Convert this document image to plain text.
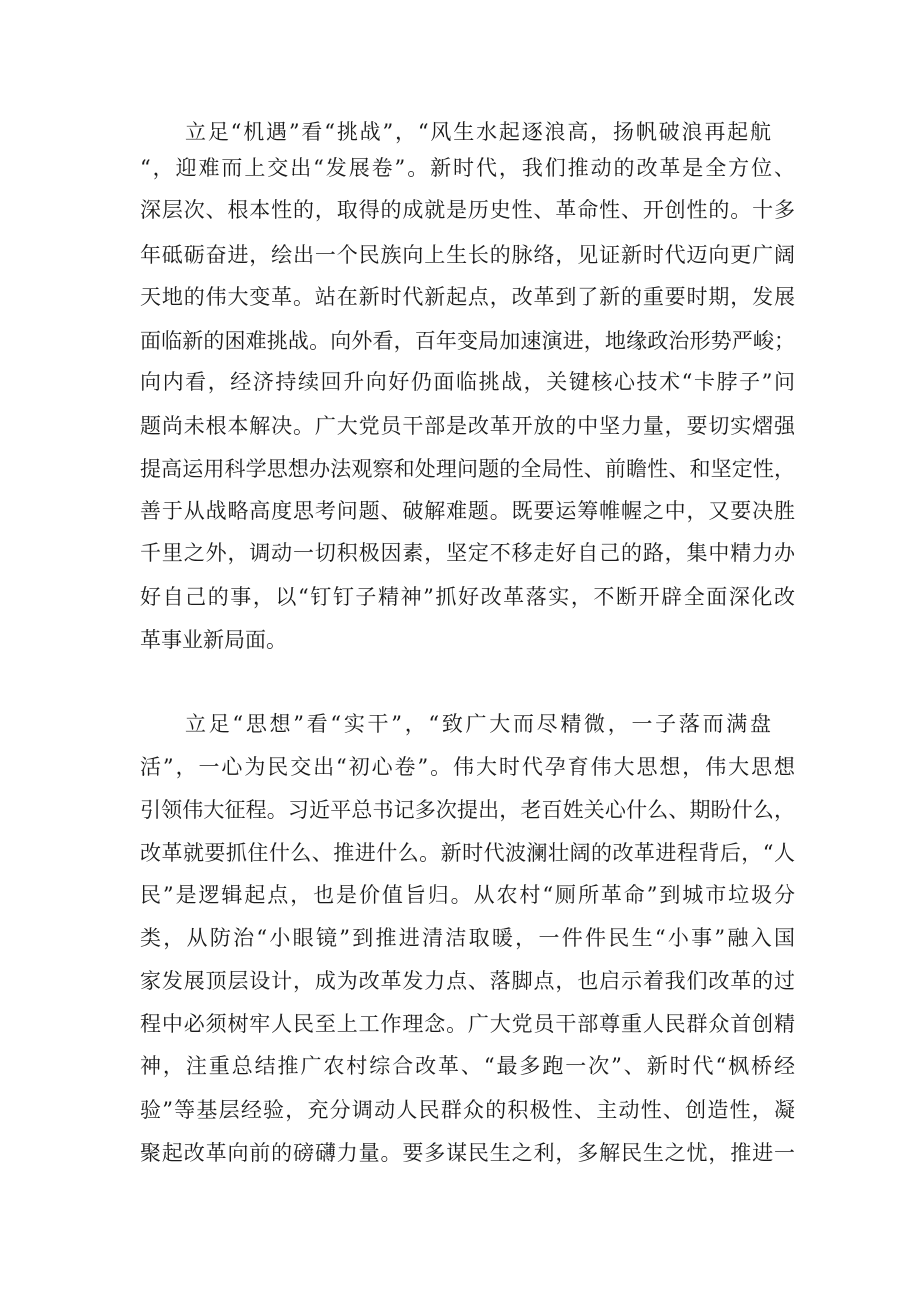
立足“机遇”看“挑战”，“风生水起逐浪高，扬帆破浪再起航
“，迎难而上交出“发展卷”。新时代，我们推动的改革是全方位、
深层次、根本性的，取得的成就是历史性、革命性、开创性的。十多
年砥砺奋进，绘出一个民族向上生长的脉络，见证新时代迈向更广阔
天地的伟大变革。站在新时代新起点，改革到了新的重要时期，发展
面临新的困难挑战。向外看，百年变局加速演进，地缘政治形势严峻；
向内看，经济持续回升向好仍面临挑战，关键核心技术“卡脖子”问
题尚未根本解决。广大党员干部是改革开放的中坚力量，要切实熠强
提高运用科学思想办法观察和处理问题的全局性、前瞻性、和坚定性，
善于从战略高度思考问题、破解难题。既要运筹帷幄之中，又要决胜
千里之外，调动一切积极因素，坚定不移走好自己的路，集中精力办
好自己的事，以“钉钉子精神”抓好改革落实，不断开辟全面深化改
革事业新局面。
立足“思想”看“实干”，“致广大而尽精微，一子落而满盘
活”，一心为民交出“初心卷”。伟大时代孕育伟大思想，伟大思想
引领伟大征程。习近平总书记多次提出，老百姓关心什么、期盼什么，
改革就要抓住什么、推进什么。新时代波澜壮阔的改革进程背后，“人
民”是逻辑起点，也是价值旨归。从农村“厕所革命”到城市垃圾分
类，从防治“小眼镜”到推进清洁取暖，一件件民生“小事”融入国
家发展顶层设计，成为改革发力点、落脚点，也启示着我们改革的过
程中必须树牢人民至上工作理念。广大党员干部尊重人民群众首创精
神，注重总结推广农村综合改革、“最多跑一次”、新时代“枫桥经
验”等基层经验，充分调动人民群众的积极性、主动性、创造性，凝
聚起改革向前的磅礴力量。要多谋民生之利，多解民生之忧，推进一
